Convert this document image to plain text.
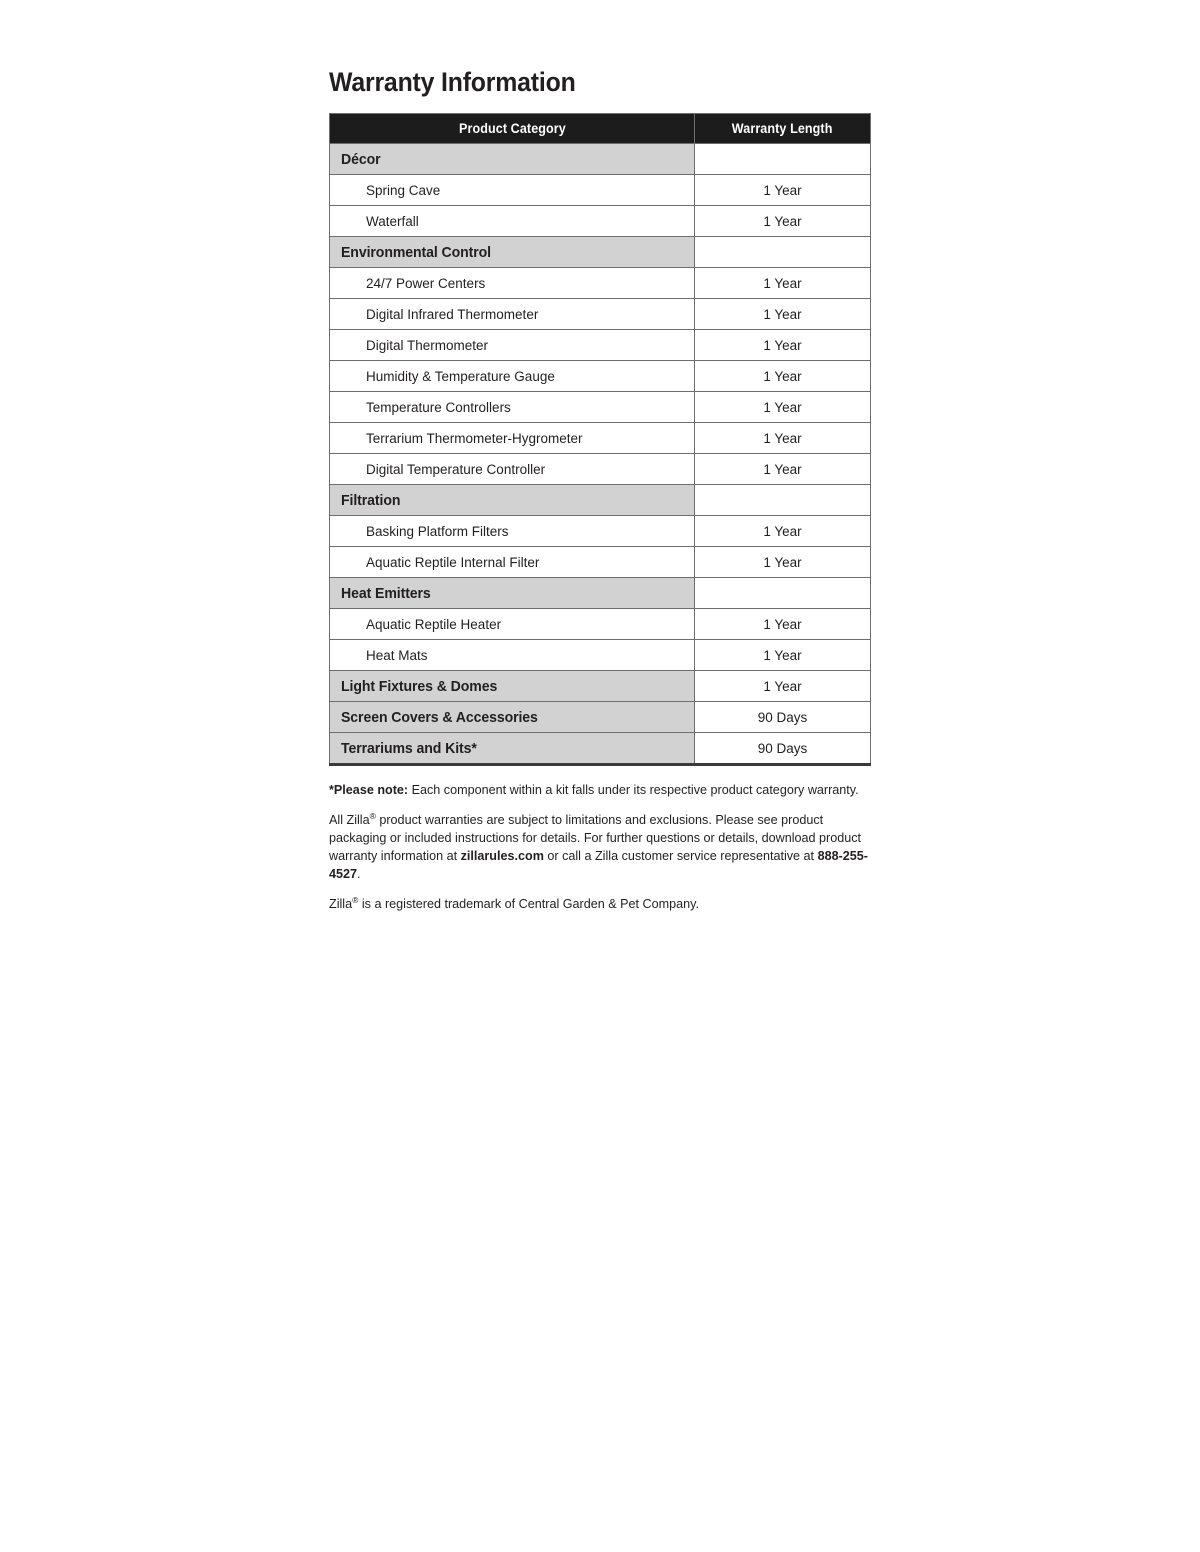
Warranty Information
Product Category	Warranty Length
Décor	
Spring Cave	1 Year
Waterfall	1 Year
Environmental Control	
24/7 Power Centers	1 Year
Digital Infrared Thermometer	1 Year
Digital Thermometer	1 Year
Humidity & Temperature Gauge	1 Year
Temperature Controllers	1 Year
Terrarium Thermometer-Hygrometer	1 Year
Digital Temperature Controller	1 Year
Filtration	
Basking Platform Filters	1 Year
Aquatic Reptile Internal Filter	1 Year
Heat Emitters	
Aquatic Reptile Heater	1 Year
Heat Mats	1 Year
Light Fixtures & Domes	1 Year
Screen Covers & Accessories	90 Days
Terrariums and Kits*	90 Days

*Please note: Each component within a kit falls under its respective product category warranty.

All Zilla® product warranties are subject to limitations and exclusions. Please see product packaging or included instructions for details. For further questions or details, download product warranty information at zillarules.com or call a Zilla customer service representative at 888-255-4527.

Zilla® is a registered trademark of Central Garden & Pet Company.
